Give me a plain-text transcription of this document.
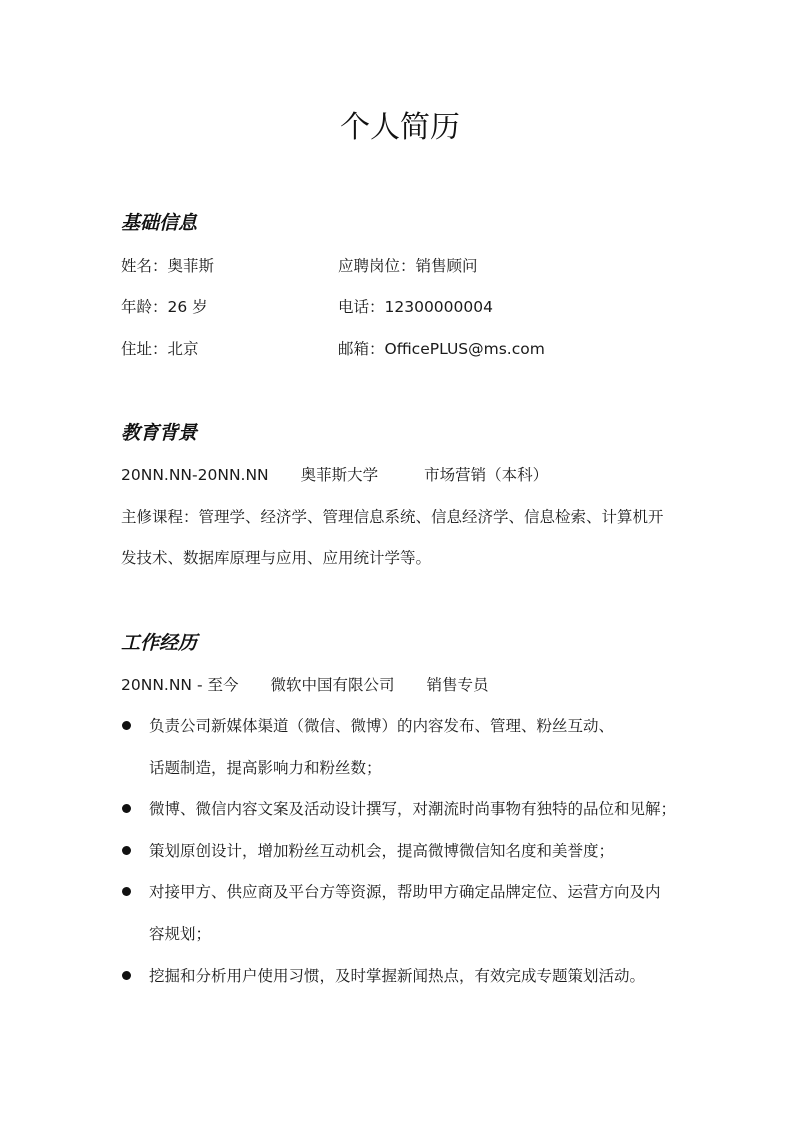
个人简历
基础信息
姓名：奥菲斯	应聘岗位：销售顾问
年龄：26 岁	电话：12300000004
住址：北京	邮箱：OfficePLUS@ms.com
教育背景
20NN.NN-20NN.NN 奥菲斯大学	市场营销（本科）
主修课程：管理学、经济学、管理信息系统、信息经济学、信息检索、计算机开
发技术、数据库原理与应用、应用统计学等。
工作经历
20NN.NN - 至今 微软中国有限公司 销售专员
负责公司新媒体渠道（微信、微博）的内容发布、管理、粉丝互动、
话题制造，提高影响力和粉丝数；
微博、微信内容文案及活动设计撰写，对潮流时尚事物有独特的品位和见解；
策划原创设计，增加粉丝互动机会，提高微博微信知名度和美誉度；
对接甲方、供应商及平台方等资源，帮助甲方确定品牌定位、运营方向及内
容规划；
挖掘和分析用户使用习惯，及时掌握新闻热点，有效完成专题策划活动。
